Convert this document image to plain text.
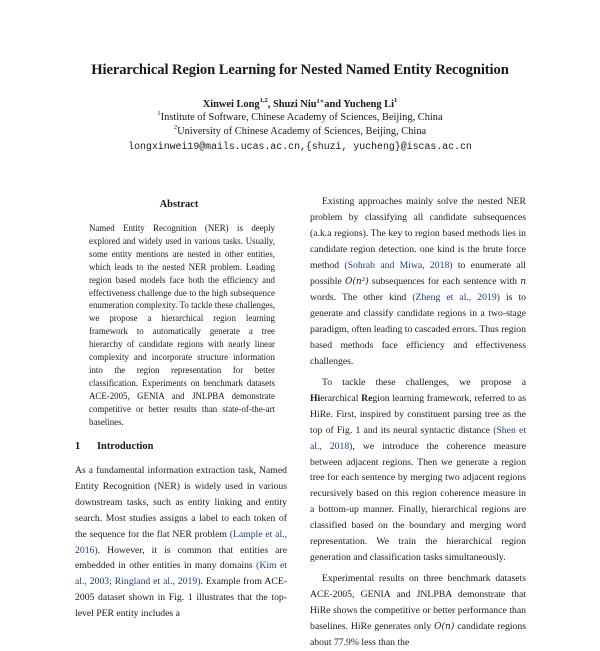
Hierarchical Region Learning for Nested Named Entity Recognition
Xinwei Long$^{1,2}$, Shuzi Niu$^{1∗}$and Yucheng Li$^1$
$^1$Institute of Software, Chinese Academy of Sciences, Beijing, China
$^2$University of Chinese Academy of Sciences, Beijing, China
longxinwei19@mails.ucas.ac.cn,{shuzi, yucheng}@iscas.ac.cn
Abstract
Named Entity Recognition (NER) is deeply explored and widely used in various tasks. Usually, some entity mentions are nested in other entities, which leads to the nested NER problem. Leading region based models face both the efficiency and effectiveness challenge due to the high subsequence enumeration complexity. To tackle these challenges, we propose a hierarchical region learning framework to automatically generate a tree hierarchy of candidate regions with nearly linear complexity and incorporate structure information into the region representation for better classification. Experiments on benchmark datasets ACE-2005, GENIA and JNLPBA demonstrate competitive or better results than state-of-the-art baselines.
1 Introduction
As a fundamental information extraction task, Named Entity Recognition (NER) is widely used in various downstream tasks, such as entity linking and entity search. Most studies assigns a label to each token of the sequence for the flat NER problem (Lample et al., 2016). However, it is common that entities are embedded in other entities in many domains (Kim et al., 2003; Ringland et al., 2019). Example from ACE-2005 dataset shown in Fig. 1 illustrates that the top-level PER entity includes a

Existing approaches mainly solve the nested NER problem by classifying all candidate subsequences (a.k.a regions). The key to region based methods lies in candidate region detection. one kind is the brute force method (Sohrab and Miwa, 2018) to enumerate all possible O(n²) subsequences for each sentence with n words. The other kind (Zheng et al., 2019) is to generate and classify candidate regions in a two-stage paradigm, often leading to cascaded errors. Thus region based methods face efficiency and effectiveness challenges.

To tackle these challenges, we propose a Hierarchical Region learning framework, referred to as HiRe. First, inspired by constituent parsing tree as the top of Fig. 1 and its neural syntactic distance (Shen et al., 2018), we introduce the coherence measure between adjacent regions. Then we generate a region tree for each sentence by merging two adjacent regions recursively based on this region coherence measure in a bottom-up manner. Finally, hierarchical regions are classified based on the boundary and merging word representation. We train the hierarchical region generation and classification tasks simultaneously.

Experimental results on three benchmark datasets ACE-2005, GENIA and JNLPBA demonstrate that HiRe shows the competitive or better performance than baselines. HiRe generates only O(n) candidate regions about 77.9% less than the
